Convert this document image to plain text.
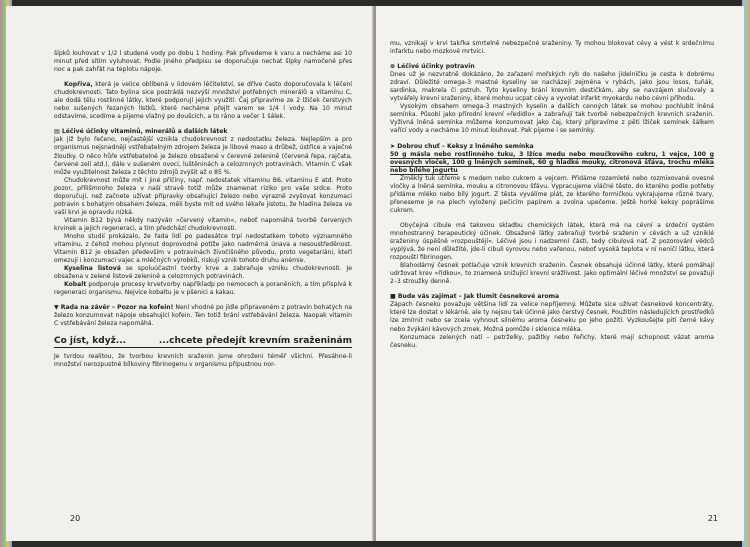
šípků louhovat v 1/2 l studené vody po dobu 1 hodiny. Pak přivedeme k varu a necháme asi 10 minut před sítím vyluhovat. Podle jiného předpisu se doporučuje nechat šípky namočené přes noc a pak zahřát na teplotu nápoje.

Kopřiva, která je velice oblíbená v lidovém léčitelství, se dříve často doporučovala k léčení chudokrevnosti. Tato bylina sice postrádá nezvýší množství potřebných minerálů a vitamínu C, ale dodá tělu rostlinné látky, které podporují jejich využití. Čaj připravíme ze 2 lžiček čerstvých nebo sušených řezaných lístků, které necháme přejít varem se 1/4 l vody. Na 10 minut odstavíme, scedíme a pijeme vlažný po doušcích, a to ráno a večer 1 šálek.

▤ Léčivé účinky vitaminů, minerálů a dalších látek

Jak již bylo řečeno, nejčastější vznikla chudokrevnost z nedostatku železa. Nejlepším a pro organismus nejsnadněji vstřebatelným zdrojem železa je libové maso a drůbež, ústřice a vaječné žloutky. O něco hůře vstřebatelné je železo obsažené v čerevné zelenině (červená řepa, rajčata, červené zelí atd.), dále v sušeném ovoci, luštěninách a celozrnných potravinách. Vitamin C však může využitelnost železa z těchto zdrojů zvýšit až o 85 %.

Chudokrevnost může mít i jiné příčiny, např. nedostatek vitaminu B6, vitaminu E atd. Proto pozor, přílišmnoho železa v naší stravě totiž může znamenat riziko pro vaše srdce. Proto doporučuji, než začnete užívat přípravky obsahující železo nebo výrazně zvyšovat konzumaci potravin s bohatým obsahem železa, měli byste mít od svého lékaře jistotu, že hladina železa ve vaší krvi je opravdu nízká.

Vitamin B12 bývá někdy nazýván »červený vitamin«, neboť napomáhá tvorbě červených krvinek a jejich regeneraci, a tím předchází chudokrevnosti.

Mnoho studií prokázalo, že řada lidí po padesátce trpí nedostatkem tohoto významného vitaminu, z čehož mohou plynout doprovodné potíže jako nadměrná únava a nesoustředěnost. Vitamin B12 je obsažen především v potravinách živočišného původu, proto vegetariáni, kteří omezují i konzumaci vajec a mléčných výrobků, riskují vznik tohoto druhu anémie.

Kyselina listová se spoluúčastní tvorby krve a zabraňuje vzniku chudokrevnosti. Je obsažena v zelené listové zelenině a celozrnných potravinách.

Kobalt podporuje procesy krvetvorby napříkladp po nemocech a poraněních, a tím přispívá k regeneraci organismu. Nejvíce kobaltu je v pšenici a kakau.

▼ Rada na závěr – Pozor na kofein! Není vhodné po jídle připraveném z potravin bohatých na železo konzumovat nápoje obsahující kofein. Ten totiž brání vstřebávání železa. Naopak vitamin C vstřebávání železa napomáhá.

Co jíst, když...	...chcete předejít krevním sraženinám

Je tvrdou realitou, že tvorbou krevních sraženin jsme ohroženi téměř všichni. Přesáhne-li množství nerozpustné bílkoviny fibrinogenu v organismu přípustnou nor-

20

mu, vznikají v krvi takřka smrtelně nebezpečné sraženiny. Ty mohou blokovat cévy a vést k srdečnímu infarktu nebo mozkové mrtvici.

⊛ Léčivé účinky potravin

Dnes už je nezvratně dokázáno, že zařazení mořských ryb do našeho jídelníčku je cesta k dobrému zdraví. Důležité omega-3 mastné kyseliny se nacházejí zejména v rybách, jako jsou losos, tuňák, sardinka, makrela či pstruh. Tyto kyseliny brání krevním destičkám, aby se navzájem slučovaly a vytvářely krevní sraženiny, které mohou ucpat cévy a vyvolat infarkt myokardu nebo cévní příhodu.

Vysokým obsahem omega-3 mastných kyselin a dalších cenných látek se mohou pochlubit lněná semínka. Působí jako přírodní krevní »ředidlo« a zabraňují tak tvorbě nebezpečných krevních sraženin. Vyživná lněná semínka můžeme konzumovat jako čaj, který připravíme z pěti lžiček semínek šálkem vařící vody a necháme 10 minut louhovat. Pak pijeme i se semínky.

➤ Dobrou chuť – Keksy z lněného semínka

50 g másla nebo rostlinného tuku, 3 lžíce medu nebo moučkového cukru, 1 vejce, 100 g ovesných vloček, 100 g lněných semínek, 60 g hladké mouky, citronová šťáva, trochu mléka nebo bílého jogurtu

Změklý tuk utřeme s medem nebo cukrem a vejcem. Přidáme rozemleté nebo rozmixované ovesné vločky a lněná semínka, mouku a citronovou šťávu. Vypracujeme vláčné těsto, do kterého podle potřeby přidáme mléko nebo bílý jogurt. Z těsta vyválíme plát, ze kterého formičkou vykrajujeme různé tvary, přeneseme je na plech vyložený pečicím papírem a zvolna upečeme. Ještě horké keksy poprášíme cukrem.

Obyčejná cibule má takovou skladbu chemických látek, která má na cévní a srdeční systém mnohostranný terapeutický účinek. Obsažené látky zabraňují tvorbě sraženin v cévách a už vzniklé sraženiny úspěšně »rozpouštějí«. Léčivé jsou i nadzemní části, tedy cibulová nať. Z pozorování vědců vyplývá, že není důležité, jde-li cibuli syrovou nebo vařenou, neboť vysoká teplota v ní neničí látku, která rozpouští fibrinogen.

Blahodárný česnek potlačuje vznik krevních sraženin. Česnek obsahuje účinné látky, které pomáhají udržovat krev »řídkou«, to znamená snižující krevní srážlivost. Jako optimální léčivé množství se považují 2–3 stroužky denně.

■ Bude vás zajímat – Jak tlumit česnekové aroma

Zápach česneku považuje většina lidí za velice nepříjemný. Můžete sice užívat česnekové koncentráty, které lze dostat v lékárně, ale ty nejsou tak účinné jako čerstvý česnek. Použitím následujících prostředků lze zmírnit nebo se zcela vyhnout silnému aroma česneku po jeho požití. Vyzkoušejte pití černé kávy nebo žvýkání kávových zrnek. Možná pomůže i sklenice mléka.

Konzumace zelených natí – petrželky, pažitky nebo řeřichy, které mají schopnost vázat aroma česneku.

21
